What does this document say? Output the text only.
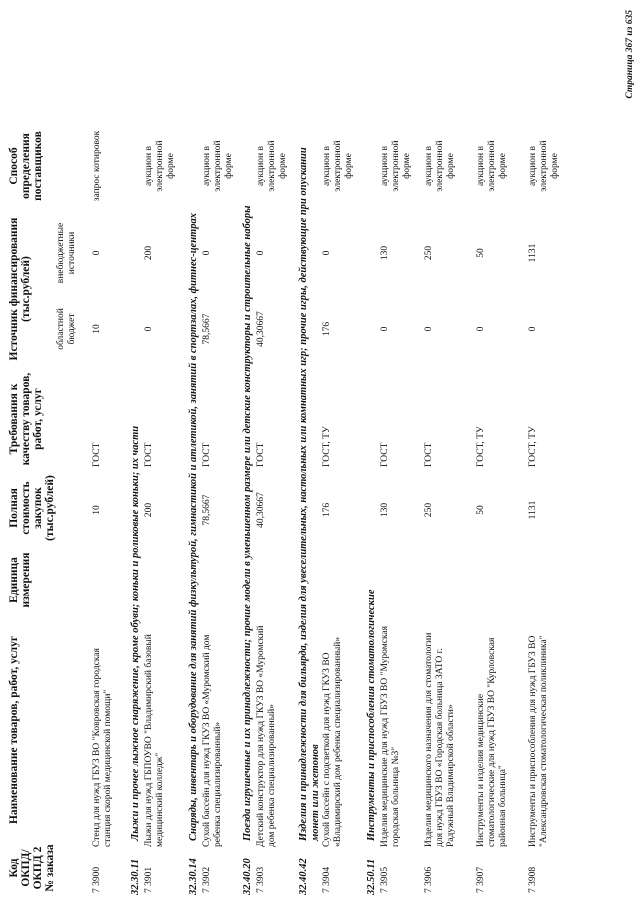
Код ОКПД/ ОКПД 2 № заказа
Наименование товаров, работ, услуг
Единица измерения
Полная стоимость закупок (тыс.рублей)
Требования к качеству товаров, работ, услуг
Источник финансирования (тыс.рублей)
областной бюджет
внебюджетные источники
Способ определения поставщиков
7 3900
Стенд для нужд ГБУЗ ВО "Ковровская городская станция скорой медицинской помощи"
10
ГОСТ
10
0
запрос котировок
32.30.11
Лыжи и прочее лыжное снаряжение, кроме обуви; коньки и роликовые коньки; их части
7 3901
Лыжи для нужд ГБПОУВО "Владимирский базовый медицинский колледж"
200
ГОСТ
0
200
аукцион в электронной форме
32.30.14
Снаряды, инвентарь и оборудование для занятий физкультурой, гимнастикой и атлетикой, занятий в спортзалах, фитнес-центрах
7 3902
Сухой бассейн для нужд ГКУЗ ВО «Муромский дом ребенка специализированный»
78,5667
ГОСТ
78,5667
0
аукцион в электронной форме
32.40.20
Поезда игрушечные и их принадлежности; прочие модели в уменьшенном размере или детские конструкторы и строительные наборы
7 3903
Детский конструктор для нужд ГКУЗ ВО «Муромский дом ребенка специализированный»
40,30667
ГОСТ
40,30667
0
аукцион в электронной форме
32.40.42
Изделия и принадлежности для бильярда, изделия для увеселительных, настольных или комнатных игр; прочие игры, действующие при опускании монет или жетонов
7 3904
Сухой бассейн с подсветкой для нужд ГКУЗ ВО «Владимирский дом ребенка специализированный»
176
ГОСТ, ТУ
176
0
аукцион в электронной форме
32.50.11
Инструменты и приспособления стоматологические
7 3905
Изделия медицинские для нужд ГБУЗ ВО "Муромская городская больница №3"
130
ГОСТ
0
130
аукцион в электронной форме
7 3906
Изделия медицинского назначения для стоматологии для нужд ГБУЗ ВО «Городская больница ЗАТО г. Радужный Владимирской области»
250
ГОСТ
0
250
аукцион в электронной форме
7 3907
Инструменты и изделия медицинские стоматологические для нужд ГБУЗ ВО "Курловская районная больница"
50
ГОСТ, ТУ
0
50
аукцион в электронной форме
7 3908
Инструменты и приспособления для нужд ГБУЗ ВО "Александровская стоматологическая поликлиника"
1131
ГОСТ, ТУ
0
1131
аукцион в электронной форме
Страница 367 из 635
